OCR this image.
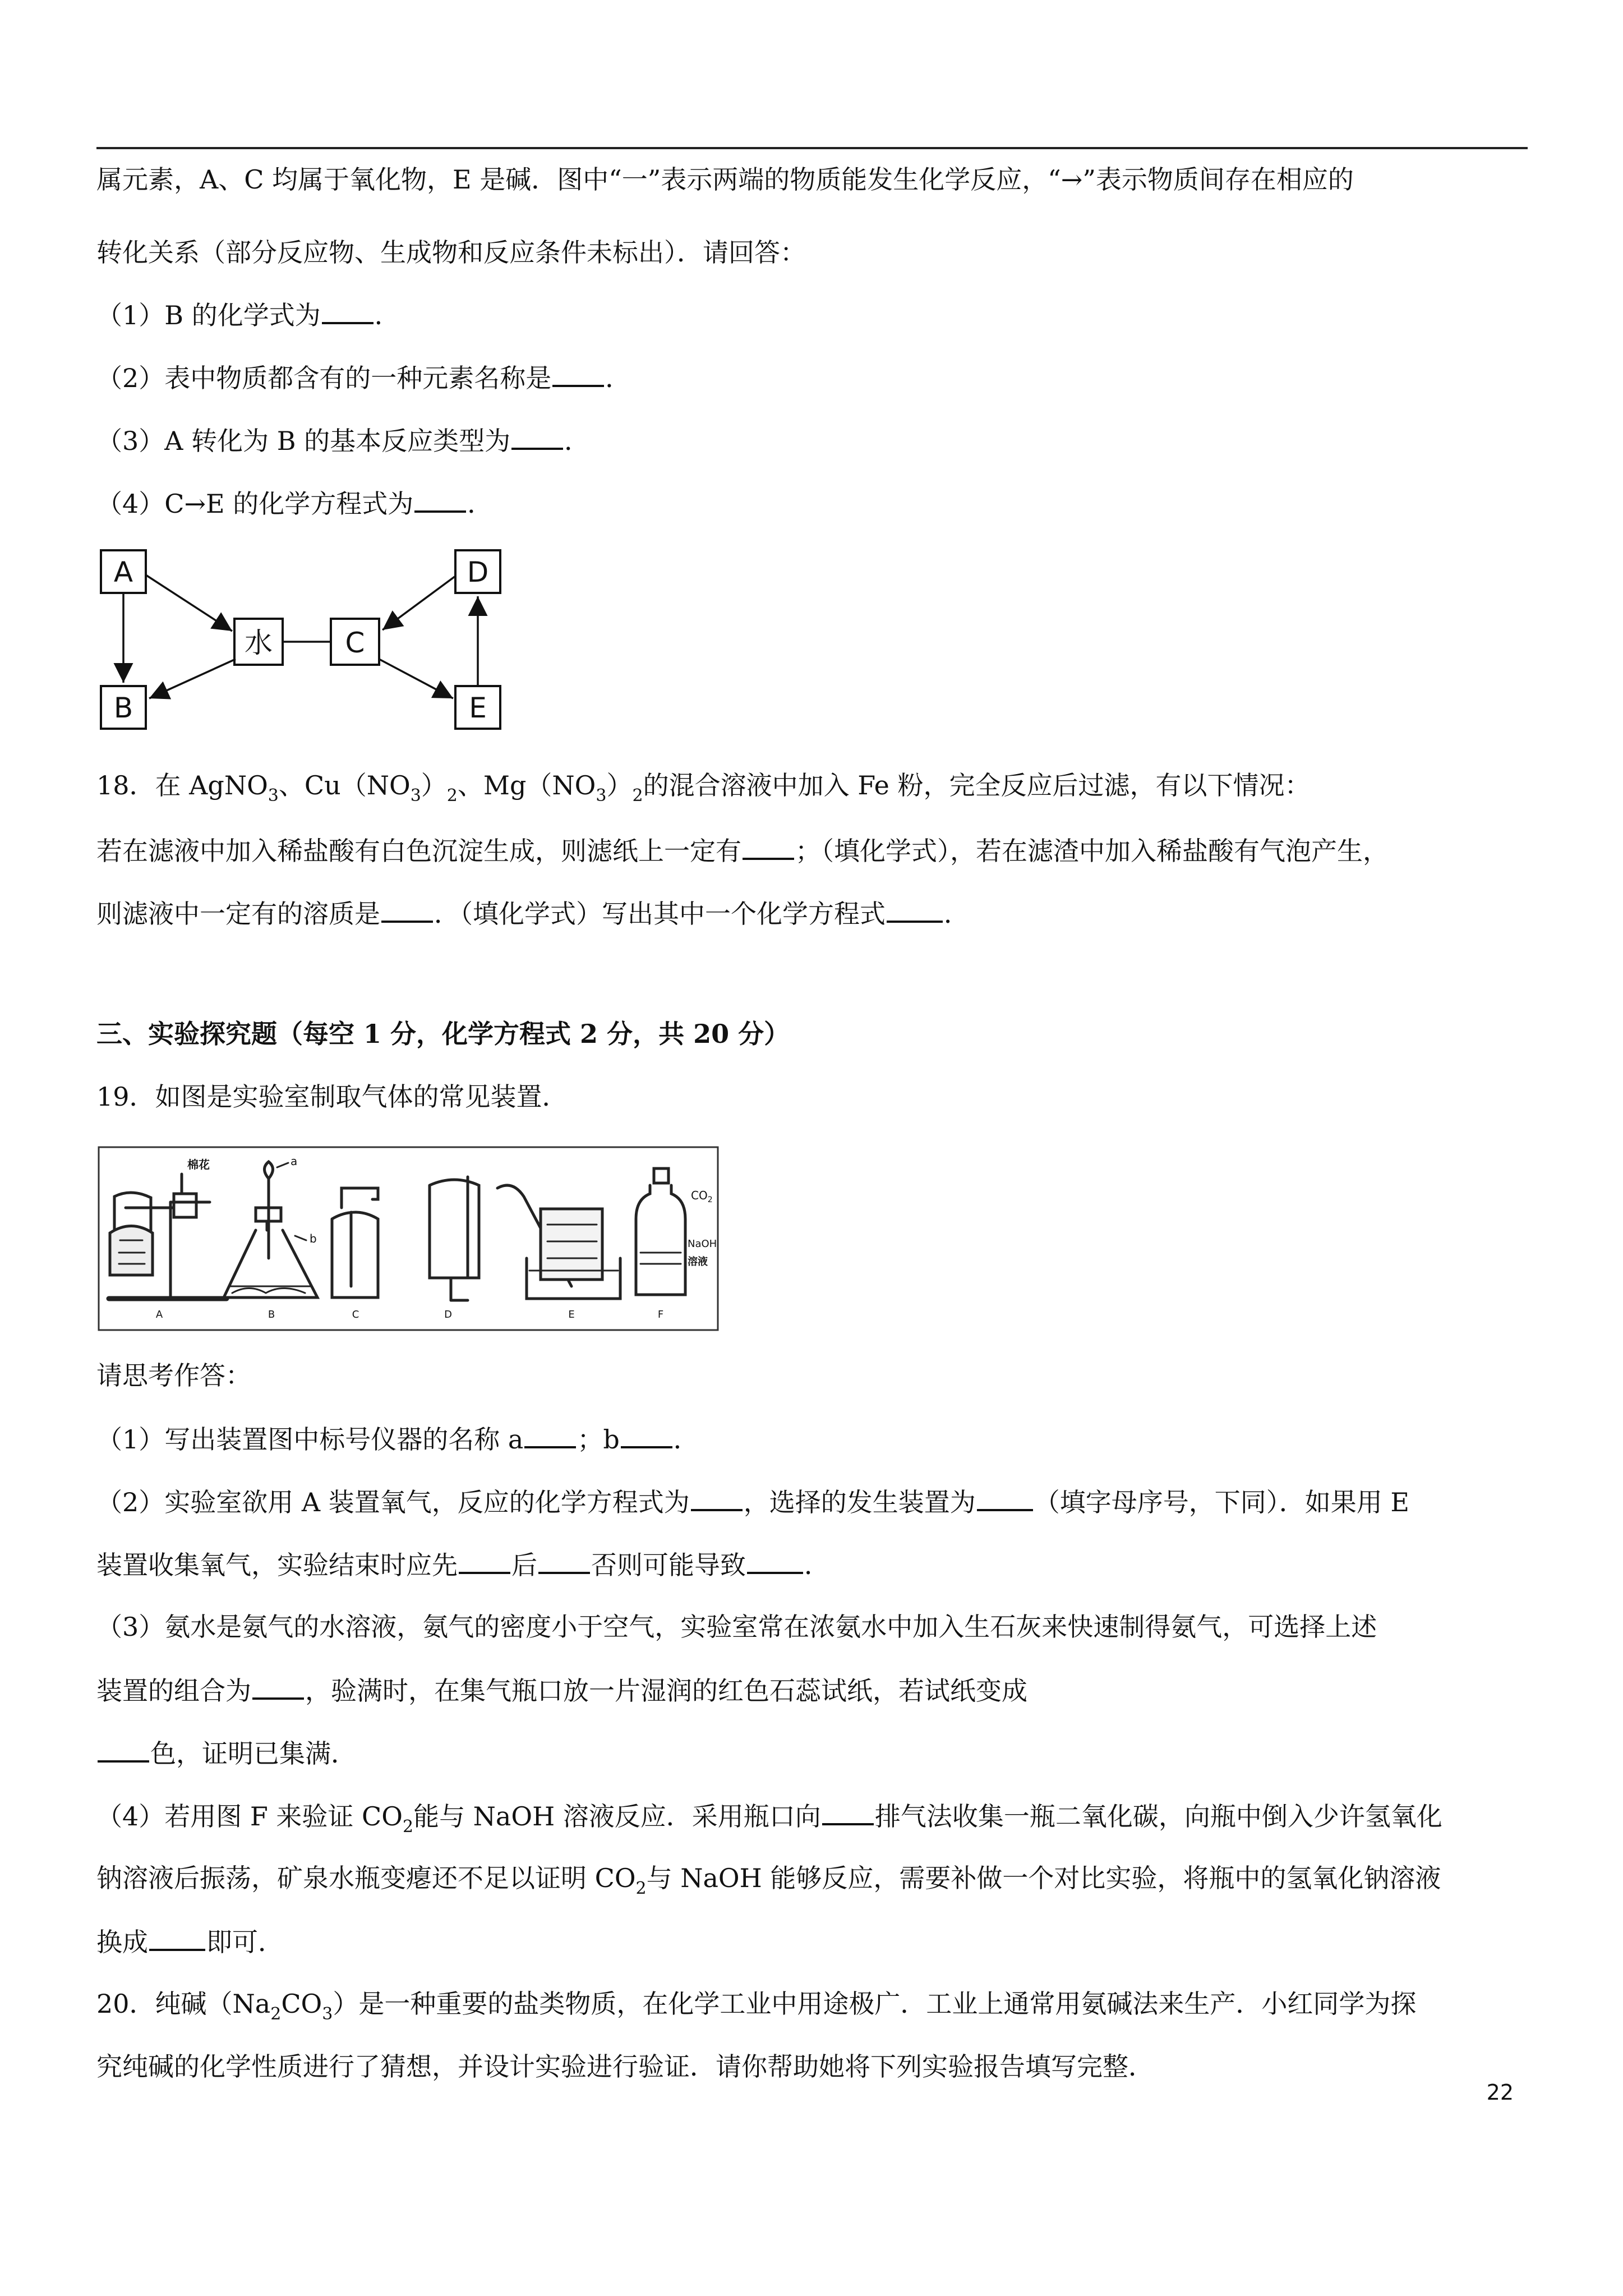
属元素，A、C 均属于氧化物，E 是碱．图中“一”表示两端的物质能发生化学反应，“→”表示物质间存在相应的
转化关系（部分反应物、生成物和反应条件未标出）．请回答：
（1）B 的化学式为 ．
（2）表中物质都含有的一种元素名称是 ．
（3）A 转化为 B 的基本反应类型为 ．
（4）C→E 的化学方程式为 ．
A
B
水	C
D
E
18．在 AgNO$_3$、$Cu(NO_3)_2$、$Mg(NO_3)_2$的混合溶液中加入 Fe 粉，完全反应后过滤，有以下情况：
若在滤液中加入稀盐酸有白色沉淀生成，则滤纸上一定有 ；（填化学式），若在滤渣中加入稀盐酸有气泡产生，
则滤液中一定有的溶质是 ．（填化学式）写出其中一个化学方程式 ．
三、实验探究题（每空 1 分，化学方程式 2 分，共 20 分）
19．如图是实验室制取气体的常见装置．
棉花	a
b
$CO_2$
NaOH
溶液
A	B	C	D	E	F
请思考作答：
（1）写出装置图中标号仪器的名称 a ；b ．
（2）实验室欲用 A 装置氧气，反应的化学方程式为 ，选择的发生装置为 （填字母序号，下同）．如果用 E
装置收集氧气，实验结束时应先 后 否则可能导致 ．
（3）氨水是氨气的水溶液，氨气的密度小于空气，实验室常在浓氨水中加入生石灰来快速制得氨气，可选择上述
装置的组合为 ，验满时，在集气瓶口放一片湿润的红色石蕊试纸，若试纸变成
色，证明已集满．
（4）若用图 F 来验证 $CO_2$能与 NaOH 溶液反应．采用瓶口向 排气法收集一瓶二氧化碳，向瓶中倒入少许氢氧化
钠溶液后振荡，矿泉水瓶变瘪还不足以证明 $CO_2$与 NaOH 能够反应，需要补做一个对比实验，将瓶中的氢氧化钠溶液
换成 即可．
20．纯碱$(Na_2CO_3)$是一种重要的盐类物质，在化学工业中用途极广．工业上通常用氨碱法来生产．小红同学为探
究纯碱的化学性质进行了猜想，并设计实验进行验证．请你帮助她将下列实验报告填写完整．
22
